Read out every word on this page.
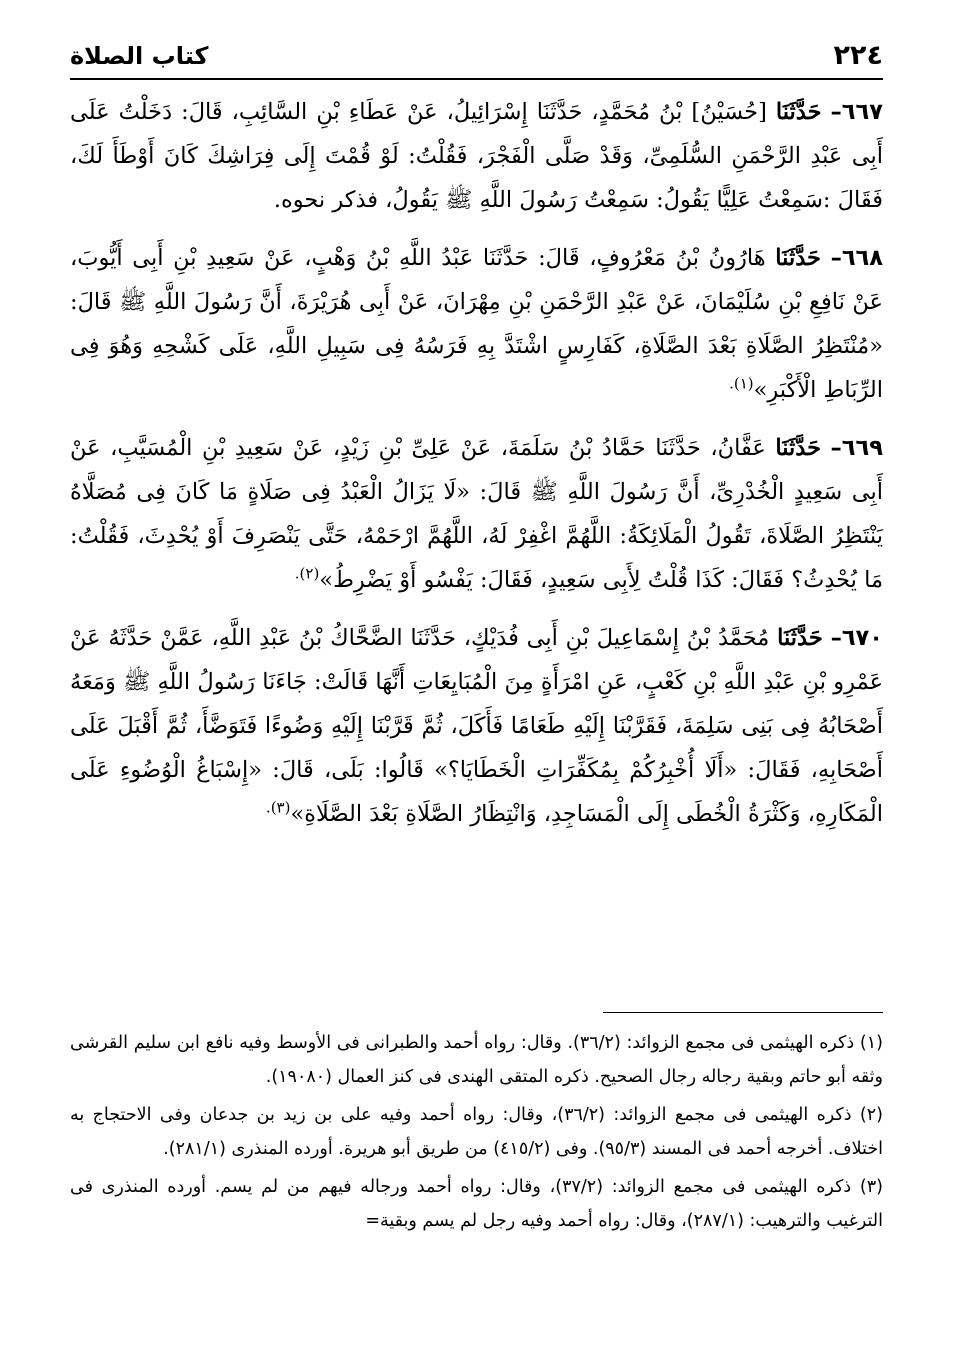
٢٢٤
كتاب الصلاة

٦٦٧– حَدَّثَنَا [حُسَيْنُ] بْنُ مُحَمَّدٍ، حَدَّثَنَا إِسْرَائِيلُ، عَنْ عَطَاءِ بْنِ السَّائِبِ، قَالَ: دَخَلْتُ عَلَى أَبِى عَبْدِ الرَّحْمَنِ السُّلَمِىِّ، وَقَدْ صَلَّى الْفَجْرَ، فَقُلْتُ: لَوْ قُمْتَ إِلَى فِرَاشِكَ كَانَ أَوْطَأَ لَكَ، فَقَالَ :سَمِعْتُ عَلِيًّا يَقُولُ: سَمِعْتُ رَسُولَ اللَّهِ ﷺ يَقُولُ، فذكر نحوه.

٦٦٨– حَدَّثَنَا هَارُونُ بْنُ مَعْرُوفٍ، قَالَ: حَدَّثَنَا عَبْدُ اللَّهِ بْنُ وَهْبٍ، عَنْ سَعِيدِ بْنِ أَبِى أَيُّوبَ، عَنْ نَافِعِ بْنِ سُلَيْمَانَ، عَنْ عَبْدِ الرَّحْمَنِ بْنِ مِهْرَانَ، عَنْ أَبِى هُرَيْرَةَ، أَنَّ رَسُولَ اللَّهِ ﷺ قَالَ: «مُنْتَظِرُ الصَّلَاةِ بَعْدَ الصَّلَاةِ، كَفَارِسٍ اشْتَدَّ بِهِ فَرَسُهُ فِى سَبِيلِ اللَّهِ، عَلَى كَشْحِهِ وَهُوَ فِى الرِّبَاطِ الْأَكْبَرِ»$^{(١).}$

٦٦٩– حَدَّثَنَا عَفَّانُ، حَدَّثَنَا حَمَّادُ بْنُ سَلَمَةَ، عَنْ عَلِىِّ بْنِ زَيْدٍ، عَنْ سَعِيدِ بْنِ الْمُسَيَّبِ، عَنْ أَبِى سَعِيدٍ الْخُدْرِىِّ، أَنَّ رَسُولَ اللَّهِ ﷺ قَالَ: «لَا يَزَالُ الْعَبْدُ فِى صَلَاةٍ مَا كَانَ فِى مُصَلَّاهُ يَنْتَظِرُ الصَّلَاةَ، تَقُولُ الْمَلَائِكَةُ: اللَّهُمَّ اغْفِرْ لَهُ، اللَّهُمَّ ارْحَمْهُ، حَتَّى يَنْصَرِفَ أَوْ يُحْدِثَ، فَقُلْتُ: مَا يُحْدِثُ؟ فَقَالَ: كَذَا قُلْتُ لِأَبِى سَعِيدٍ، فَقَالَ: يَفْسُو أَوْ يَضْرِطُ»$^{(٢).}$

٦٧٠– حَدَّثَنَا مُحَمَّدُ بْنُ إِسْمَاعِيلَ بْنِ أَبِى فُدَيْكٍ، حَدَّثَنَا الضَّحَّاكُ بْنُ عَبْدِ اللَّهِ، عَمَّنْ حَدَّثَهُ عَنْ عَمْرِو بْنِ عَبْدِ اللَّهِ بْنِ كَعْبٍ، عَنِ امْرَأَةٍ مِنَ الْمُبَايِعَاتِ أَنَّهَا قَالَتْ: جَاءَنَا رَسُولُ اللَّهِ ﷺ وَمَعَهُ أَصْحَابُهُ فِى بَنِى سَلِمَةَ، فَقَرَّبْنَا إِلَيْهِ طَعَامًا فَأَكَلَ، ثُمَّ قَرَّبْنَا إِلَيْهِ وَضُوءًا فَتَوَضَّأَ، ثُمَّ أَقْبَلَ عَلَى أَصْحَابِهِ، فَقَالَ: «أَلَا أُخْبِرُكُمْ بِمُكَفِّرَاتِ الْخَطَايَا؟» قَالُوا: بَلَى، قَالَ: «إِسْبَاغُ الْوُضُوءِ عَلَى الْمَكَارِهِ، وَكَثْرَةُ الْخُطَى إِلَى الْمَسَاجِدِ، وَانْتِظَارُ الصَّلَاةِ بَعْدَ الصَّلَاةِ»$^{(٣).}$

(١) ذكره الهيثمى فى مجمع الزوائد: (٣٦/٢). وقال: رواه أحمد والطبرانى فى الأوسط وفيه نافع ابن سليم القرشى وثقه أبو حاتم وبقية رجاله رجال الصحيح. ذكره المتقى الهندى فى كنز العمال (١٩٠٨٠).

(٢) ذكره الهيثمى فى مجمع الزوائد: (٣٦/٢)، وقال: رواه أحمد وفيه على بن زيد بن جدعان وفى الاحتجاج به اختلاف. أخرجه أحمد فى المسند (٩٥/٣). وفى (٤١٥/٢) من طريق أبو هريرة. أورده المنذرى (٢٨١/١).

(٣) ذكره الهيثمى فى مجمع الزوائد: (٣٧/٢)، وقال: رواه أحمد ورجاله فيهم من لم يسم. أورده المنذرى فى الترغيب والترهيب: (٢٨٧/١)، وقال: رواه أحمد وفيه رجل لم يسم وبقية=
